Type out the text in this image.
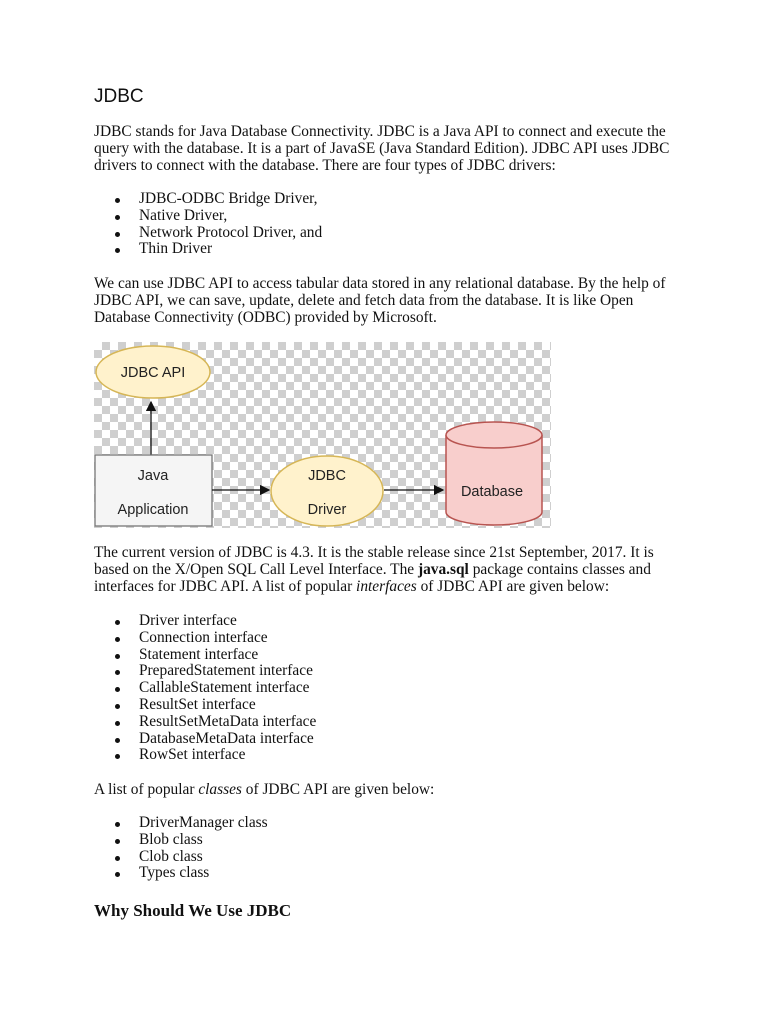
JDBC

JDBC stands for Java Database Connectivity. JDBC is a Java API to connect and execute the
query with the database. It is a part of JavaSE (Java Standard Edition). JDBC API uses JDBC
drivers to connect with the database. There are four types of JDBC drivers:

JDBC-ODBC Bridge Driver,
Native Driver,
Network Protocol Driver, and
Thin Driver

We can use JDBC API to access tabular data stored in any relational database. By the help of
JDBC API, we can save, update, delete and fetch data from the database. It is like Open
Database Connectivity (ODBC) provided by Microsoft.

JDBC API
Java
Application
JDBC
Driver
Database

The current version of JDBC is 4.3. It is the stable release since 21st September, 2017. It is
based on the X/Open SQL Call Level Interface. The java.sql package contains classes and
interfaces for JDBC API. A list of popular interfaces of JDBC API are given below:

Driver interface
Connection interface
Statement interface
PreparedStatement interface
CallableStatement interface
ResultSet interface
ResultSetMetaData interface
DatabaseMetaData interface
RowSet interface

A list of popular classes of JDBC API are given below:

DriverManager class
Blob class
Clob class
Types class
Why Should We Use JDBC
